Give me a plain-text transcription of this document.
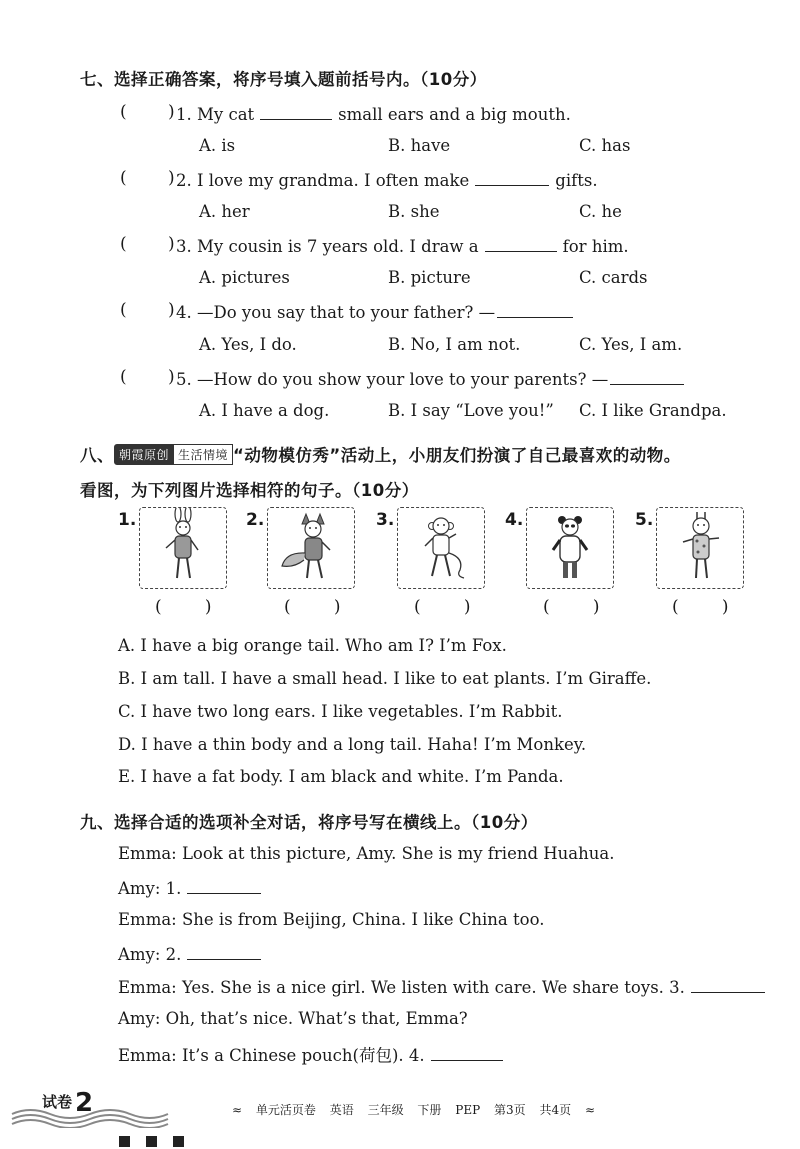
七、选择正确答案，将序号填入题前括号内。（10分）
( ) 1. My cat	small ears and a big mouth.
A. is	B. have	C. has
( ) 2. I love my grandma. I often make	gifts.
A. her	B. she	C. he
( ) 3. My cousin is 7 years old. I draw a	for him.
A. pictures	B. picture	C. cards
( ) 4. —Do you say that to your father? —
A. Yes, I do.	B. No, I am not.	C. Yes, I am.
( ) 5. —How do you show your love to your parents? —
A. I have a dog.	B. I say “Love you!” C. I like Grandpa.
八、 朝霞原创 生活情境 “动物模仿秀”活动上，小朋友们扮演了自己最喜欢的动物。
看图，为下列图片选择相符的句子。（10分）
1.	2.	3.	4.	5.
(        )	(        )	(        )	(        )	(        )
A. I have a big orange tail. Who am I? I’m Fox.
B. I am tall. I have a small head. I like to eat plants. I’m Giraffe.
C. I have two long ears. I like vegetables. I’m Rabbit.
D. I have a thin body and a long tail. Haha! I’m Monkey.
E. I have a fat body. I am black and white. I’m Panda.
九、选择合适的选项补全对话，将序号写在横线上。（10分）
Emma: Look at this picture, Amy. She is my friend Huahua.
Amy: 1.
Emma: She is from Beijing, China. I like China too.
Amy: 2.
Emma: Yes. She is a nice girl. We listen with care. We share toys. 3.
Amy: Oh, that’s nice. What’s that, Emma?
Emma: It’s a Chinese pouch(荷包). 4.
试卷 2	≈ 单元活页卷 英语 三年级 下册 PEP 第3页 共4页 ≈
